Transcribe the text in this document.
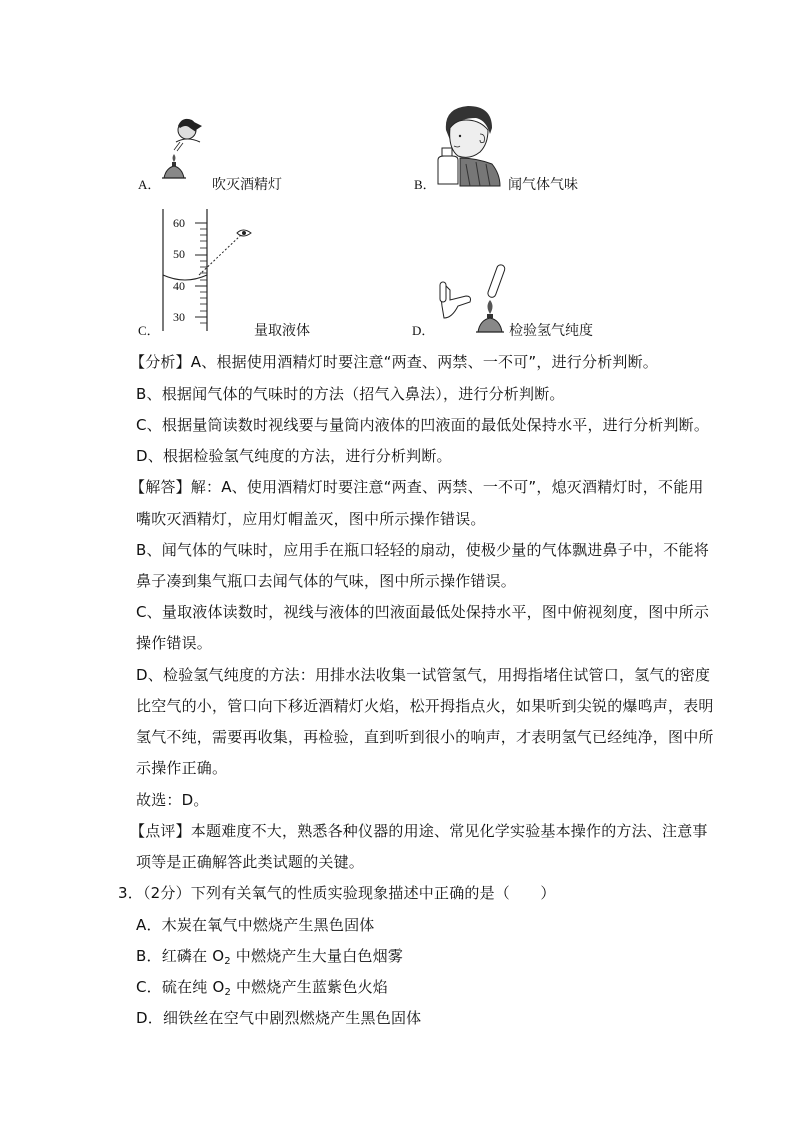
A．	吹灭酒精灯	B．	闻气体气味
60
50
40
30
C．	量取液体	D．	检验氢气纯度
【分析】A、根据使用酒精灯时要注意“两查、两禁、一不可”，进行分析判断。
B、根据闻气体的气味时的方法（招气入鼻法），进行分析判断。
C、根据量筒读数时视线要与量筒内液体的凹液面的最低处保持水平，进行分析判断。
D、根据检验氢气纯度的方法，进行分析判断。
【解答】解：A、使用酒精灯时要注意“两查、两禁、一不可”，熄灭酒精灯时，不能用
嘴吹灭酒精灯，应用灯帽盖灭，图中所示操作错误。
B、闻气体的气味时，应用手在瓶口轻轻的扇动，使极少量的气体飘进鼻子中，不能将
鼻子凑到集气瓶口去闻气体的气味，图中所示操作错误。
C、量取液体读数时，视线与液体的凹液面最低处保持水平，图中俯视刻度，图中所示
操作错误。
D、检验氢气纯度的方法：用排水法收集一试管氢气，用拇指堵住试管口，氢气的密度
比空气的小，管口向下移近酒精灯火焰，松开拇指点火，如果听到尖锐的爆鸣声，表明
氢气不纯，需要再收集，再检验，直到听到很小的响声，才表明氢气已经纯净，图中所
示操作正确。
故选：D。
【点评】本题难度不大，熟悉各种仪器的用途、常见化学实验基本操作的方法、注意事
项等是正确解答此类试题的关键。
3．（2分）下列有关氧气的性质实验现象描述中正确的是（　　）
A．木炭在氧气中燃烧产生黑色固体
B．红磷在 $O_2$ 中燃烧产生大量白色烟雾
C．硫在纯 $O_2$ 中燃烧产生蓝紫色火焰
D．细铁丝在空气中剧烈燃烧产生黑色固体
